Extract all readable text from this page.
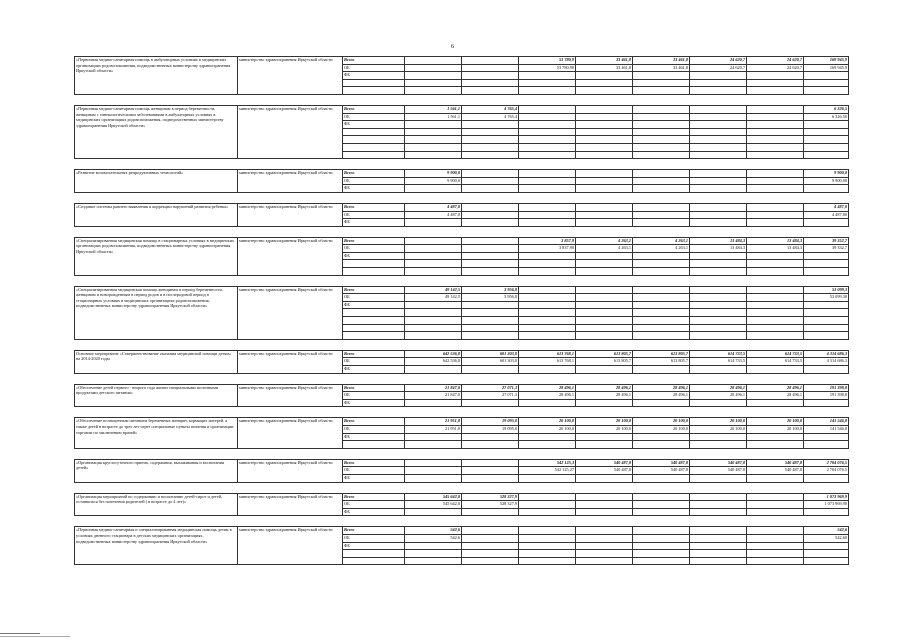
6
«Первичная медико-санитарная помощь в амбулаторных условиях в медицинских организациях родовспоможения, подведомственных министерству здравоохранения Иркутской области»	министерство здравоохранения Иркутской области	Всего			53 780,9	33 461,8	33 461,8	24 620,7	24 620,7	169 945,9
		ОБ			53 780,90	33 461,8	33 461,8	24 620,7	24 620,7	169 945,9
		ФБ								

«Первичная медико-санитарная помощь женщинам в период беременности, женщинам с гинекологическими заболеваниями в амбулаторных условиях в медицинских организациях родовспоможения, подведомственных министерству здравоохранения Иркутской области»	министерство здравоохранения Иркутской области	Всего	1 561,1	4 765,4						6 326,5
		ОБ	1 561,1	4 765,4						6 326,50
		ФБ								

«Развитие вспомогательных репродуктивных технологий»	министерство здравоохранения Иркутской области	Всего	9 900,0							9 900,0
		ОБ	9 900,0							9 900,00
		ФБ								

«Создание системы раннего выявления и коррекции нарушений развития ребенка»	министерство здравоохранения Иркутской области	Всего	4 487,0							4 487,0
		ОБ	4 487,0							4 487,00
		ФБ								

«Специализированная медицинская помощь в стационарных условиях в медицинских организациях родовспоможения, подведомственных министерству здравоохранения Иркутской области»	министерство здравоохранения Иркутской области	Всего			3 857,9	4 263,1	4 263,1	13 484,3	13 484,3	39 352,7
		ОБ			3 837,90	4 263,1	4 263,1	13 484,3	13 484,3	39 332,7
		ФБ								

«Специализированная медицинская помощь женщинам в период беременности, женщинам и новорожденным в период родов и в послеродовой период в стационарных условиях в медицинских организациях родовспоможения, подведомственных министерству здравоохранения Иркутской области»	министерство здравоохранения Иркутской области	Всего	49 142,5	3 956,8						53 099,3
		ОБ	49 142,5	3 956,8						53 099,30
		ФБ								

Основное мероприятие «Совершенствование оказания медицинской помощи детям» на 2014-2020 годы	министерство здравоохранения Иркутской области	Всего	642 536,8	601 303,0	613 768,1	613 805,7	613 805,7	614 733,5	614 733,5	4 314 686,3
		ОБ	642 536,8	601 303,0	613 768,1	613 805,7	613 805,7	614 733,5	614 733,5	4 314 686,3
		ФБ								

«Обеспечение детей первого - второго года жизни специальными молочными продуктами детского питания»	министерство здравоохранения Иркутской области	Всего	21 847,0	27 071,3	28 496,1	28 496,1	28 496,1	28 496,1	28 496,1	191 398,8
		ОБ	21 847,0	27 071,3	28 496,1	28 496,1	28 496,1	28 496,1	28 496,1	191 398,8
		ФБ								

«Обеспечение полноценным питанием беременных женщин, кормящих матерей, а также детей в возрасте до трех лет через специальные пункты питания и организации торговли по заключению врачей»	министерство здравоохранения Иркутской области	Всего	21 951,8	19 095,0	20 100,0	20 100,0	20 100,0	20 100,0	20 100,0	141 546,8
		ОБ	21 951,8	19 095,0	20 100,0	20 100,0	20 100,0	20 100,0	20 100,0	141 546,8
		ФБ								

«Организация круглосуточного приема, содержания, выхаживания и воспитания детей»	министерство здравоохранения Иркутской области	Всего			542 125,3	540 487,8	540 487,8	540 487,8	540 487,8	2 704 076,5
		ОБ			542 125,27	540 487,8	540 487,8	540 487,8	540 487,8	2 704 076,5
		ФБ								

«Организация мероприятий по содержанию и воспитанию детей-сирот и детей, оставшихся без попечения родителей ( в возрасте до 4 лет)»	министерство здравоохранения Иркутской области	Всего	545 642,0	528 327,9						1 073 969,9
		ОБ	545 642,0	528 327,9						1 073 969,90
		ФБ								

«Первичная медико-санитарная и специализированная медицинская помощь детям в условиях дневного стационара в детских медицинских организациях, подведомственных министерству здравоохранения Иркутской области»	министерство здравоохранения Иркутской области	Всего	542,6							542,6
		ОБ	542,6							542,60
		ФБ								
